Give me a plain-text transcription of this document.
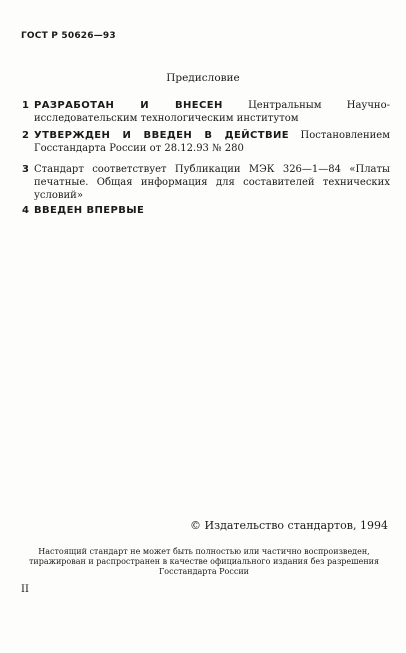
ГОСТ Р 50626—93
Предисловие
1 РАЗРАБОТАН И ВНЕСЕН	Центральным Научно-исследовательским технологическим институтом
2 УТВЕРЖДЕН И ВВЕДЕН В ДЕЙСТВИЕ Постановлением Госстандарта России от 28.12.93 № 280
3 Стандарт соответствует Публикации МЭК 326—1—84 «Платы печатные. Общая информация для составителей технических условий»
4 ВВЕДЕН ВПЕРВЫЕ
© Издательство стандартов, 1994
Настоящий стандарт не может быть полностью или частично воспроизведен, тиражирован и распространен в качестве официального издания без разрешения Госстандарта России
II
